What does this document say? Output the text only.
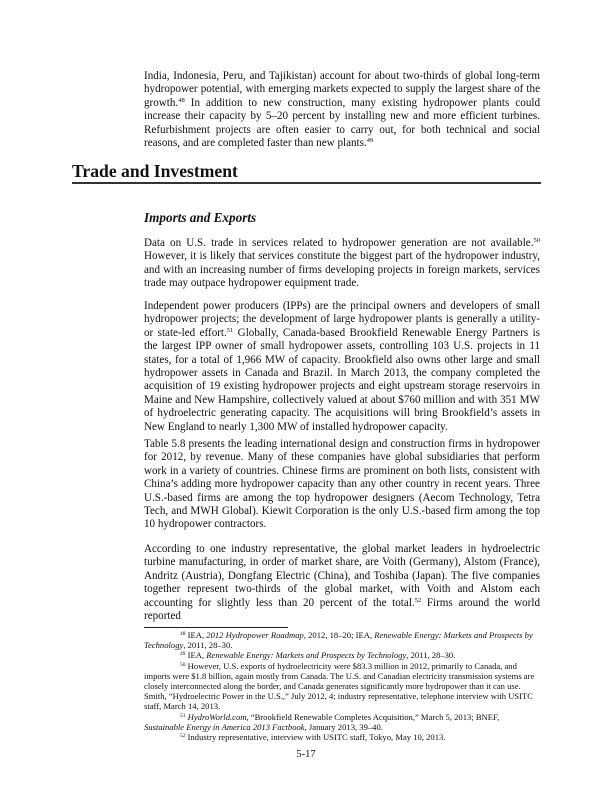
India, Indonesia, Peru, and Tajikistan) account for about two-thirds of global long-term hydropower potential, with emerging markets expected to supply the largest share of the growth.$^{48}$ In addition to new construction, many existing hydropower plants could increase their capacity by 5–20 percent by installing new and more efficient turbines. Refurbishment projects are often easier to carry out, for both technical and social reasons, and are completed faster than new plants.$^{49}$

Trade and Investment
Imports and Exports

Data on U.S. trade in services related to hydropower generation are not available.$^{50}$ However, it is likely that services constitute the biggest part of the hydropower industry, and with an increasing number of firms developing projects in foreign markets, services trade may outpace hydropower equipment trade.

Independent power producers (IPPs) are the principal owners and developers of small hydropower projects; the development of large hydropower plants is generally a utility- or state-led effort.$^{51}$ Globally, Canada-based Brookfield Renewable Energy Partners is the largest IPP owner of small hydropower assets, controlling 103 U.S. projects in 11 states, for a total of 1,966 MW of capacity. Brookfield also owns other large and small hydropower assets in Canada and Brazil. In March 2013, the company completed the acquisition of 19 existing hydropower projects and eight upstream storage reservoirs in Maine and New Hampshire, collectively valued at about $760 million and with 351 MW of hydroelectric generating capacity. The acquisitions will bring Brookfield’s assets in New England to nearly 1,300 MW of installed hydropower capacity.

Table 5.8 presents the leading international design and construction firms in hydropower for 2012, by revenue. Many of these companies have global subsidiaries that perform work in a variety of countries. Chinese firms are prominent on both lists, consistent with China’s adding more hydropower capacity than any other country in recent years. Three U.S.-based firms are among the top hydropower designers (Aecom Technology, Tetra Tech, and MWH Global). Kiewit Corporation is the only U.S.-based firm among the top 10 hydropower contractors.

According to one industry representative, the global market leaders in hydroelectric turbine manufacturing, in order of market share, are Voith (Germany), Alstom (France), Andritz (Austria), Dongfang Electric (China), and Toshiba (Japan). The five companies together represent two-thirds of the global market, with Voith and Alstom each accounting for slightly less than 20 percent of the total.$^{52}$ Firms around the world reported

$^{48}$ IEA, 2012 Hydropower Roadmap, 2012, 18–20; IEA, Renewable Energy: Markets and Prospects by Technology, 2011, 28–30.

$^{49}$ IEA, Renewable Energy: Markets and Prospects by Technology, 2011, 28–30.

$^{50}$ However, U.S. exports of hydroelectricity were $83.3 million in 2012, primarily to Canada, and imports were $1.8 billion, again mostly from Canada. The U.S. and Canadian electricity transmission systems are closely interconnected along the border, and Canada generates significantly more hydropower than it can use. Smith, “Hydroelectric Power in the U.S.,” July 2012, 4; industry representative, telephone interview with USITC staff, March 14, 2013.

$^{51}$ HydroWorld.com, “Brookfield Renewable Completes Acquisition,” March 5, 2013; BNEF, Sustainable Energy in America 2013 Factbook, January 2013, 39–40.

$^{52}$ Industry representative, interview with USITC staff, Tokyo, May 10, 2013.

5-17
